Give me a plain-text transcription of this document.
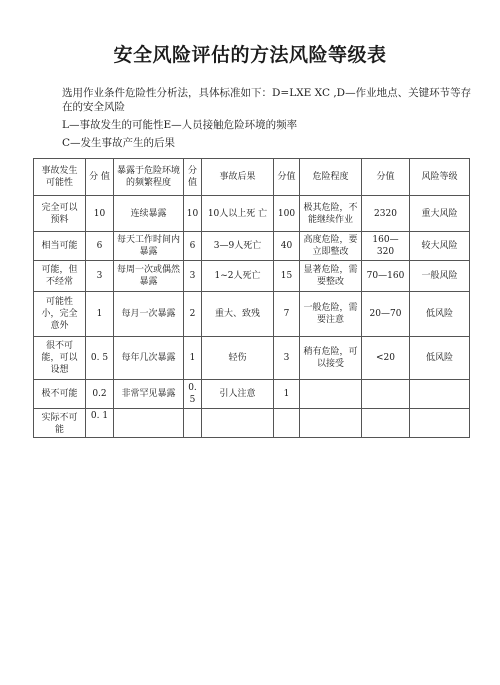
安全风险评估的方法风险等级表

选用作业条件危险性分析法，具体标准如下：D=LXE XC ,D—作业地点、关键环节等存在的安全风险

L—事故发生的可能性E—人员接触危险环境的频率

C—发生事故产生的后果

事故发生 可能性	分 值	暴露于危险环境的频繁程度	分值	事故后果	分值	危险程度	分值	风险等级
完全可以 预料	10	连续暴露	10	10人以上死 亡	100	极其危险，不能继续作业	2320	重大风险
相当可能	6	每天工作时间内暴露	6	3—9人死亡	40	高度危险，要立即整改	160—320	较大风险
可能，但 不经常	3	每周一次或偶然暴露	3	1~2人死亡	15	显著危险，需要整改	70—160	一般风险
可能性 小，完全 意外	1	每月一次暴露	2	重大、致残	7	一般危险，需要注意	20—70	低风险
很不可 能，可以 设想	0. 5	每年几次暴露	1	轻伤	3	稍有危险，可以接受	<20	低风险
极不可能	0.2	非常罕见暴露	0. 5	引人注意	1			
实际不可 能	0. 1							
